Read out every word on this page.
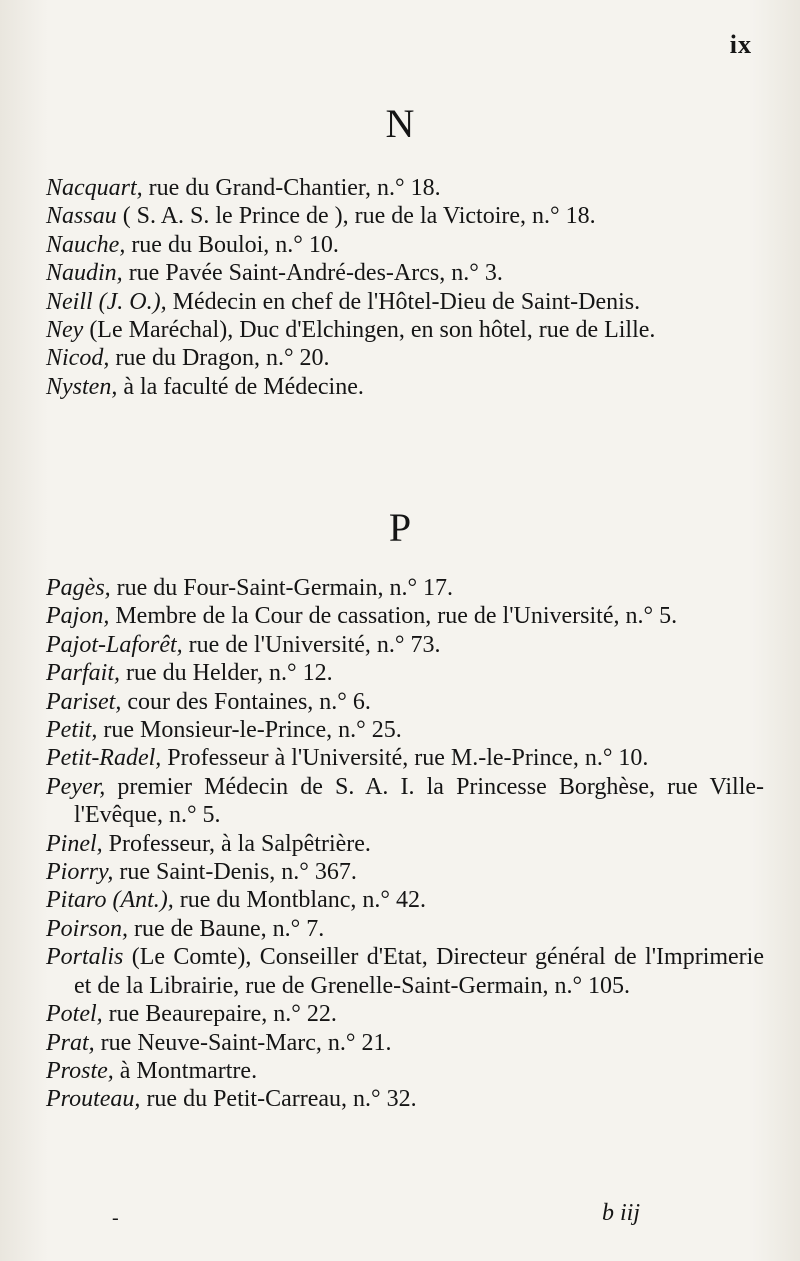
ix
N
Nacquart, rue du Grand-Chantier, n.° 18.
Nassau ( S. A. S. le Prince de ), rue de la Victoire, n.° 18.
Nauche, rue du Bouloi, n.° 10.
Naudin, rue Pavée Saint-André-des-Arcs, n.° 3.
Neill (J. O.), Médecin en chef de l'Hôtel-Dieu de Saint-Denis.
Ney (Le Maréchal), Duc d'Elchingen, en son hôtel, rue de Lille.
Nicod, rue du Dragon, n.° 20.
Nysten, à la faculté de Médecine.
P
Pagès, rue du Four-Saint-Germain, n.° 17.
Pajon, Membre de la Cour de cassation, rue de l'Université, n.° 5.
Pajot-Laforêt, rue de l'Université, n.° 73.
Parfait, rue du Helder, n.° 12.
Pariset, cour des Fontaines, n.° 6.
Petit, rue Monsieur-le-Prince, n.° 25.
Petit-Radel, Professeur à l'Université, rue M.-le-Prince, n.° 10.
Peyer, premier Médecin de S. A. I. la Princesse Borghèse, rue Ville-l'Evêque, n.° 5.
Pinel, Professeur, à la Salpêtrière.
Piorry, rue Saint-Denis, n.° 367.
Pitaro (Ant.), rue du Montblanc, n.° 42.
Poirson, rue de Baune, n.° 7.
Portalis (Le Comte), Conseiller d'Etat, Directeur général de l'Imprimerie et de la Librairie, rue de Grenelle-Saint-Germain, n.° 105.
Potel, rue Beaurepaire, n.° 22.
Prat, rue Neuve-Saint-Marc, n.° 21.
Proste, à Montmartre.
Prouteau, rue du Petit-Carreau, n.° 32.
-	b iij
